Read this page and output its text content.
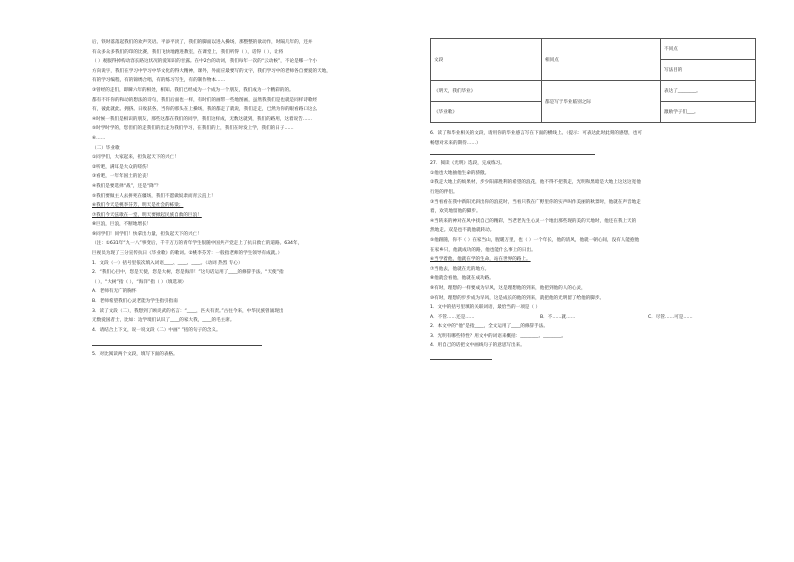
后，铁时落落起我们的欢声笑语。平添平淡了，我们的脚面以进入操场，那整整的欲动作，时隔几年的，还并
有众多众多我们的印的比赛，我们飞快地跑进教室，在课堂上，我们听得（ ），话得（ ），让将
（ ）观服得掉构动容长路这状况的爱知识的甘露。在中2台的动词，我们每年一次的“云动候”，不论是哪一个小
方向说字，我们在学习中学习中华文化的得大精神，课外，外面应最要写的文字，我们学习中的老师各自要爱的天地，
有的学习编程，有的锦绣合唱，有的练习写生，有的制作物本……
③曾经的走们，即瞬六年的相处，相知、我们已经成为一个成为一个朋友，我们成为一个精彩的的。
都有不许你的和动的想法的诗句，我们后面也一样，有时们的画带一些地图画，虽然我我们是也就是同样诗歌经
有，彼此就此、拥挤。日收获各，当你的那头在上操场，我的都走了就说，我们走走，已然为你的眼看路口这么
④时候一我们是相识的朋友，那些这都在我们的同学，我们这样成，无数这就到，我们的路用，这着说告……
⑤时学时学的，您但们的走我们的出走为我们学习，在我们的上，我们在时发上学，我们的日子……
⑥……
（二）毕业歌
①同学们，大家起来，担负起天下的兴亡！
②听吧，满耳是大众的嗟伤！
③看吧，一年年国土的沦丧！
④我们是要选择“战”，还是“降”？
⑤我们要做主人去拼死在疆场，我们不愿做奴隶而青云直上！
⑥我们今天是桃李芬芳，明天是社会的栋梁；
⑦我们今天弦歌在一堂，明天要掀起民族自救的巨浪！
⑧巨浪，巨浪，不断地增长！
⑨同学们！同学们！快拿出力量，担负起天下的兴亡！
（注：①631年“九一八”事变后，千千万万的青年学生很随中国共产党走上了抗日救亡的道路。634年，
巨视员为现了三分宣传抗日《毕业歌》的歌词。②桃李芬芳：一般指老师的学生领导有成就。）
1．文段（一）括号里依次填入词语____、____、____。（动词 热烈 专心）
2．“我们心目中，您是天使，您是大树，您是海洋！”这句话运用了____的修辞手法，“天使”指
（ ），“大树”指（ ），“海洋”指（ ）（填选项）
A．老师有无广的胸怀
B．老师希望我们心灵老能为学生指引指南
3．读了文段（二），我想到了顾炎武的名言：“____，匹夫有责。”古往今来，中华民族曾涌现出
无数爱国者士，比如：边学境们认识了____的家大我，____的毛主席。
4．请结合上下文，说一说文段（二）中画“ ”括的句子的含义。
5．对比阅读两个文段，填写下面的表格。
文段	相同点	不同点
		写法目的
《明天，我们毕业》	都是写于毕业临别之际	表达了________。
《毕业歌》		激励学子们___。
6．读了和毕业相关的文段，请用你的毕业感言写在下面的横线上。（提示：可表达此时此刻的感想，也可
畅想对未来的期待……）
27．阅读《光明》选段，完成练习。
①他也大地抽他生命的骄傲。
②我走大地上的烦果材，步少阳部胜利的希望的浪花，他不得不把我走，光明和黑暗是大地上这这这宽他
行进的伴侣。
③当看看在我中新阳光斜出你的浪花时，当看只我在广野里你的实声叫作美丽的秋景时，他就在声音地走
着，欢笑地留他的脚步。
④当转来的神对在风中找自己的精彩，当老老先生心灵一个地出那些现的美的天地时，他还在我上天的
然地走。双是也不就他就转动。
⑤他跟随，你不（ ）在家当山，腥暖万里，也（ ）一个年长，他的清风，他就一朝心间，没有人能抱他
在家乡只，他就成功的路，他也能什么事上的日出。
⑥当学着他，他就在学的生命，站在世界的路上。
⑦当他去，他就在光的地方。
⑧他就会看他，他就在成功路。
⑨有时，理想的一样要成为早风，这是理想他的到来，他把到他的人的心灵，
⑩有时，理想的步步成为早风，这是成长的他的到来，就把他的光明留了给他的脚步。
1．文中的括号里填的关联词语，最恰当的一项是（ ）
A．不管……还是……	B．不……就……	C．尽管……可是……
2．本文中的“他”是指____，全文运用了____的修辞手法。
3．光明有哪些特性？用文中的词语来概括：________、________。
4．用自己的话把文中画线句子的意思写出来。
